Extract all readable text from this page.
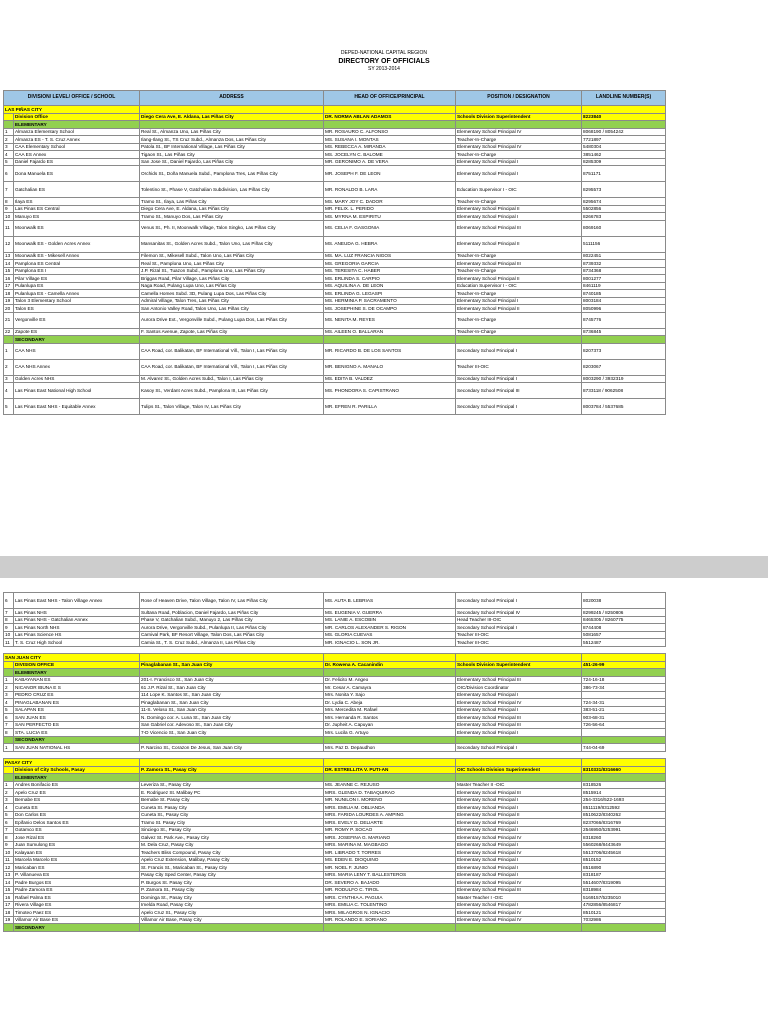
DEPED-NATIONAL CAPITAL REGION
DIRECTORY OF OFFICIALS
SY 2013-2014
DIVISION/ LEVEL/ OFFICE / SCHOOL		ADDRESS	HEAD OF OFFICE/PRINCIPAL	POSITION / DESIGNATION	LANDLINE NUMBER(S)
LAS PIÑAS CITY					
	Division Office	Diego Cera Ave, E. Aldana, Las Piñas City	DR. NORMA ABLAN ADAMOS	Schools Division Superintendent	8223840
	ELEMENTARY				
1	Almanza Elementary School	Real St., Almanza Uno, Las Piñas City	MR. ROSAURO C. ALFONSO	Elementary School Principal IV	8068190 / 8054242
2	Almanza ES - T. S. Cruz Annex	Ilang-Ilang St., TS Cruz Subd., Almanza Dos, Las Piñas City	MS. SUSANA I. MONTAS	Teacher-In-Charge	7721897
3	CAA Elementary School	Patola St., BF International Village, Las Piñas City	MS. REBECCA A. MIRANDA	Elementary School Principal IV	5480304
4	CAA ES Annex	Tigaon St., Las Piñas City	MS. JOCELYN C. BALOME	Teacher-In-Charge	3851462
5	Daniel Fajardo ES	San Jose St., Daniel Fajardo, Las Piñas City	MR. GERONIMO A. DE VERA	Elementary School Principal I	8285309
6	Dona Manuela ES	Orchids St., Doña Manuela Subd., Pamplona Tres, Las Piñas City	MR. JOSEPH F. DE LEON	Elementary School Principal I	8751171
7	Gatchalian ES	Tolentino St., Phase V, Gatchalian Subdivision, Las Piñas City	MR. RONALDO B. LARA	Education Supervisor I - OIC	8295573
8	Ilaya ES	Tramo St., Ilaya, Las Piñas City	MS. MARY JOY C. DADOR	Teacher-In-Charge	8295674
9	Las Pinas ES Central	Diego Cera Ave, E. Aldana, Las Piñas City	MR. FELIX. L. PERIDO	Elementary School Principal II	5502856
10	Manuyo ES	Tramo St., Manuyo Dos, Las Piñas City	MS. MYRNA M. ESPIRITU	Elementary School Principal I	8266783
11	Moonwalk ES	Venus St., Ph. II, Moonwalk Village, Talon Singko, Las Piñas City	MS. CELIA F. GASGONIA	Elementary School Principal III	8069160
12	Moonwalk ES - Golden Acres Annex	Mansanitas St., Golden Acres Subd., Talon Uno, Las Piñas City	MS. ANEUDA G. HEBRA	Elementary School Principal II	5111156
13	Moonwalk ES - Mikesell Annex	Filemon St., Mikesell Subd., Talon Uno, Las Piñas City	MS. MA. LUZ FRANCIA NIGOS	Teacher-In-Charge	8022451
14	Pamplona ES Central	Real St., Pamplona Uno, Las Piñas City	MS. GREGORIA GARCIA	Elementary School Principal III	8739332
15	Pamplona ES I	J.P. Rizal St., Tuazon Subd., Pamplona Uno, Las Piñas City	MS. TERESITA C. HABER	Teacher-In-Charge	8734368
16	Pilar Village ES	Briggas Road, Pilar Village, Las Piñas City	MS. ERLINDA S. CARPIO	Elementary School Principal II	8001277
17	Pulanlupa ES	Naga Road, Pulang Lupa Uno, Las Piñas City	MS. AQUILINA A. DE LEON	Education Supervisor I - OIC	8461119
18	Pulanlupa ES - Camella Annex	Camella Homes Subd. 3D, Pulang Lupa Dos, Las Piñas City	MS. ERLINDA G. LEGASPI	Teacher-In-Charge	8740185
19	Talon 3 Elementary School	Admiral Village, Talon Tres, Las Piñas City	MS. HERMINIA P. SACRAMENTO	Elementary School Principal I	8003184
20	Talon ES	San Antonio Valley Road, Talon Uno, Las Piñas City	MS. JOSEPHINE S. DE OCAMPO	Elementary School Principal II	8050996
21	Vergonville ES	Aurora Drive Ext., Vergonville Subd., Pulang Lupa Dos, Las Piñas City	MS. NENITA M. REYES	Teacher-In-Charge	8745776
22	Zapote ES	F. Santos Avenue, Zapote, Las Piñas City	MS. AILEEN O. BALLARAN	Teacher-In-Charge	8736845
	SECONDARY				
1	CAA NHS	CAA Road, cor. Balikatan, BF International Vill., Talon I, Las Piñas City	MR. RICARDO B. DE LOS SANTOS	Secondary School Principal I	8207373
2	CAA NHS Annex	CAA Road, cor. Balikatan, BF International Vill., Talon I, Las Piñas City	MR. BENIGNO A. MANALO	Teacher III-OIC	8203067
3	Golden Acres NHS	M. Alvarez St., Golden Acres Subd., Talon I, Las Piñas City	MS. EDITA B. VALDEZ	Secondary School Principal I	8003290 / 3932319
4	Las Pinas East National High School	Kasoy St., Verdant Acres Subd., Pamplona III, Las Piñas City	MS. PHONDORA S. CAPISTRANO	Secondary School Principal III	8733118 / 9062508
5	Las Pinas East NHS - Equitable Annex	Tulips St., Talon Village, Talon IV, Las Piñas City	MR. EFREN R. PARILLA	Secondary School Principal I	8003784 / 5537685
6	Las Pinas East NHS - Talon Village Annex	Rose of Heaven Drive, Talon Village, Talon IV, Las Piñas City	MS. AUTA B. LEBRIAS	Secondary School Principal I	8020038
7	Las Pinas NHS	Sultana Road, Poblacion, Daniel Fajardo, Las Piñas City	MS. EUGENIA V. GUERRA	Secondary School Principal IV	8299245 / 8250806
8	Las Pinas NHS - Gatchalian Annex	Phase V, Gatchalian Subd., Manuyo 2, Las Piñas City	MS. LANIE A. ESCOBIN	Head Teacher III-OIC	8465305 / 8260775
9	Las Pinas North NHS	Aurora Drive, Vergonville Subd., Pulanlupa II, Las Piñas City	MR. CARLOS ALEXANDER S. RIGON	Secondary School Principal I	8744408
10	Las Pinas Science HS	Carnival Park, BF Resort Village, Talon Dos, Las Piñas City	MS. GLORIA CUEVAS	Teacher III-OIC	5081657
11	T. S. Cruz High School	Camia St., T. S. Cruz Subd., Almanza II, Las Piñas City	MR. IGNACIO L. SON JR.	Teacher III-OIC	5512487

SAN JUAN CITY					
	DIVISION OFFICE	Pinaglabanan St., San Juan City	Dr. Rowena A. Cacanindin	Schools Division Superintendent	451-26-99
	ELEMENTARY				
1	KABAYANAN ES	201-I. Francisco St., San Juan City	Dr. Felicito M. Angeo	Elementary School Principal III	724-16-18
2	NICANOR IBUNA E S	61 J.P. Rizal St., San Juan City	Mr. Cesar A. Camayra	OIC/Division Coordinator	386-73-34
3	PEDRO CRUZ ES	114 Lope K. Santos St., San Juan City	Mrs. Nonita Y. Sajo	Elementary School Principal I	
4	PINAGLABANAN ES	Pinaglabanan St., San Juan City	Dr. Lydia C. Abeja	Elementary School Principal IV	724-34-31
5	SALAPAN ES	11-S. Veloso St., San Juan City	Mrs. Mercedita M. Rafael	Elementary School Principal I	383-51-21
6	SAN JUAN ES	N. Domingo cor. A. Luna St., San Juan City	Mrs. Hernanda R. Santos	Elementary School Principal III	903-68-31
7	SAN PERFECTO ES	San Gabriel cor. Adevoso St., San Juan City	Dr. Jupheit A. Capuyan	Elementary School Principal III	726-56-64
8	STA. LUCIA ES	7-D Vicencio St., San Juan City	Mrs. Lucila G. Artuyo	Elementary School Principal I	
	SECONDARY				
1	SAN JUAN NATIONAL HS	P. Narciso St., Corazon De Jesus, San Juan City	Mrs. Paz D. Depaudhon	Secondary School Principal I	744-04-69

PASAY CITY					
	Division of City Schools, Pasay	P. Zamora St., Pasay City	DR. ESTRELLITA V. PUTI-AN	OIC Schools Division Superintendent	8310331/8316660
	ELEMENTARY				
1	Andres Bonifacio ES	Leveriza St., Pasay City	MS. JEANNE C. REJUSO	Master Teacher II -OIC	8318526
2	Apelo Cruz ES	E. Rodriguez St. Malibay PC	MRS. GLENDA D. TABAQUIRAO	Elementary School Principal III	8515914
3	Bernabe ES	Bernabe St. Pasay City	MR. NUNILON I. MORENO	Elementary School Principal I	254-3316/522-1693
4	Cuneta ES	Cuneta St. Pasay City	MRS. EMILIA M. OBLIANDA	Elementary School Principal I	8511119/8312592
5	Don Carlos ES	Cuneta St., Pasay City	MRS. FARIDA LOURDES A. AMPING	Elementary School Principal II	8510622/8340262
6	Epifanio Delos Santos ES	Tramo St. Pasay City	MRS. EVELY D. DELIARTE	Elementary School Principal I	8237066/8316769
7	Gotamco ES	Sinciego St., Pasay City	MR. ROMY P. SOCAO	Elementary School Principal I	2546950/5253991
8	Jose Rizal ES	Galvez St. Park Ave., Pasay City	MRS. JOSEFINA G. MARIANO	Elementary School Principal IV	8318260
9	Juan Sumulong ES	M. Dela Cruz, Pasay City	MRS. MARINA M. MAGBAGO	Elementary School Principal I	5560268/8443649
10	Kalayaan ES	Teachers Bliss Compound, Pasay City	MR. LIBRADO T. TORRES	Elementary School Principal IV	5513706/8245618
11	Marcela Marcelo ES	Apelo Cruz Extension, Malibay, Pasay City	MS. EDEN E. DIOQUINO	Elementary School Principal I	8510152
12	Maricaban ES	St. Francis St., Maricaban St., Pasay City	MR. NOEL F. JUNIO	Elementary School Principal I	8516890
13	P. Villanueva ES	Pasay City Sped Center, Pasay City	MRS. MARIA LENY T. BALLESTEROS	Elementary School Principal I	8318187
14	Padre Burgos ES	P. Burgos St. Pasay City	DR. SEVERO A. BAJADO	Elementary School Principal IV	5514607/8319095
15	Padre Zamora ES	P. Zamora St., Pasay City	MR. RODULFO C. TIROL	Elementary School Principal III	8318984
16	Rafael Palma ES	Dominga St., Pasay City	MRS. CYNTHIA A. PAGUIA	Master Teacher I -OIC	5169157/5235010
17	Rivera Village ES	Imelda Road, Pasay City	MRS. EMILIA C. TOLENTINO	Elementary School Principal I	4782856/8546817
18	Timoteo Paez ES	Apelo Cruz St., Pasay City	MRS. MILAGROS N. IGNACIO	Elementary School Principal IV	8510121
19	Villamor Air Base ES	Villamor Air Base, Pasay City	MR. ROLANDO E. SORIANO	Elementary School Principal IV	7032986
	SECONDARY				
